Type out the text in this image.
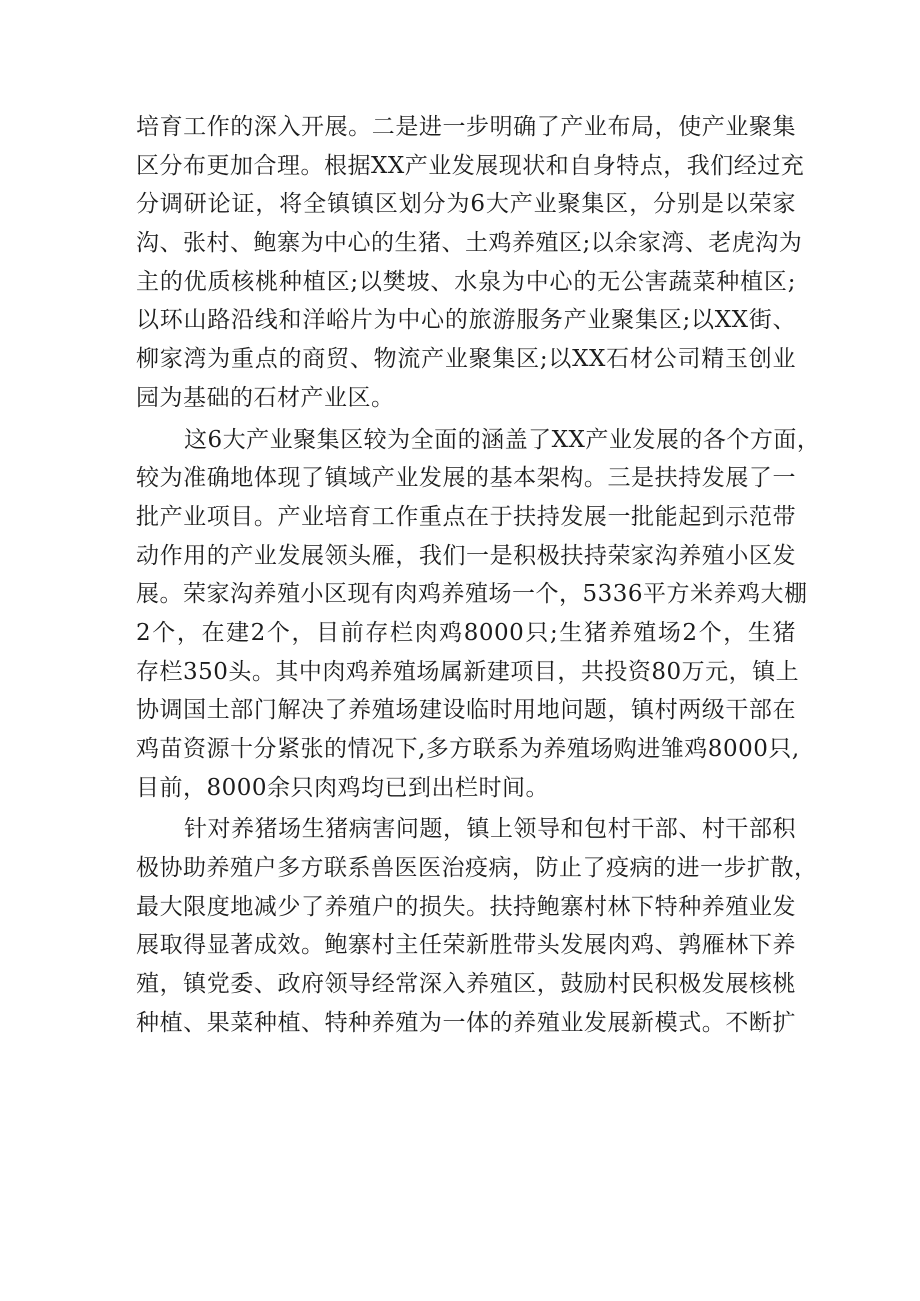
培育工作的深入开展。二是进一步明确了产业布局，使产业聚集
区分布更加合理。根据XX产业发展现状和自身特点，我们经过充
分调研论证，将全镇镇区划分为6大产业聚集区，分别是以荣家
沟、张村、鲍寨为中心的生猪、土鸡养殖区;以余家湾、老虎沟为
主的优质核桃种植区;以樊坡、水泉为中心的无公害蔬菜种植区;
以环山路沿线和洋峪片为中心的旅游服务产业聚集区;以XX街、
柳家湾为重点的商贸、物流产业聚集区;以XX石材公司精玉创业
园为基础的石材产业区。
这6大产业聚集区较为全面的涵盖了XX产业发展的各个方面，
较为准确地体现了镇域产业发展的基本架构。三是扶持发展了一
批产业项目。产业培育工作重点在于扶持发展一批能起到示范带
动作用的产业发展领头雁，我们一是积极扶持荣家沟养殖小区发
展。荣家沟养殖小区现有肉鸡养殖场一个，5336平方米养鸡大棚
2个，在建2个，目前存栏肉鸡8000只;生猪养殖场2个，生猪
存栏350头。其中肉鸡养殖场属新建项目，共投资80万元，镇上
协调国土部门解决了养殖场建设临时用地问题，镇村两级干部在
鸡苗资源十分紧张的情况下,多方联系为养殖场购进雏鸡8000只,
目前，8000余只肉鸡均已到出栏时间。
针对养猪场生猪病害问题，镇上领导和包村干部、村干部积
极协助养殖户多方联系兽医医治疫病，防止了疫病的进一步扩散，
最大限度地减少了养殖户的损失。扶持鲍寨村林下特种养殖业发
展取得显著成效。鲍寨村主任荣新胜带头发展肉鸡、鹑雁林下养
殖，镇党委、政府领导经常深入养殖区，鼓励村民积极发展核桃
种植、果菜种植、特种养殖为一体的养殖业发展新模式。不断扩
